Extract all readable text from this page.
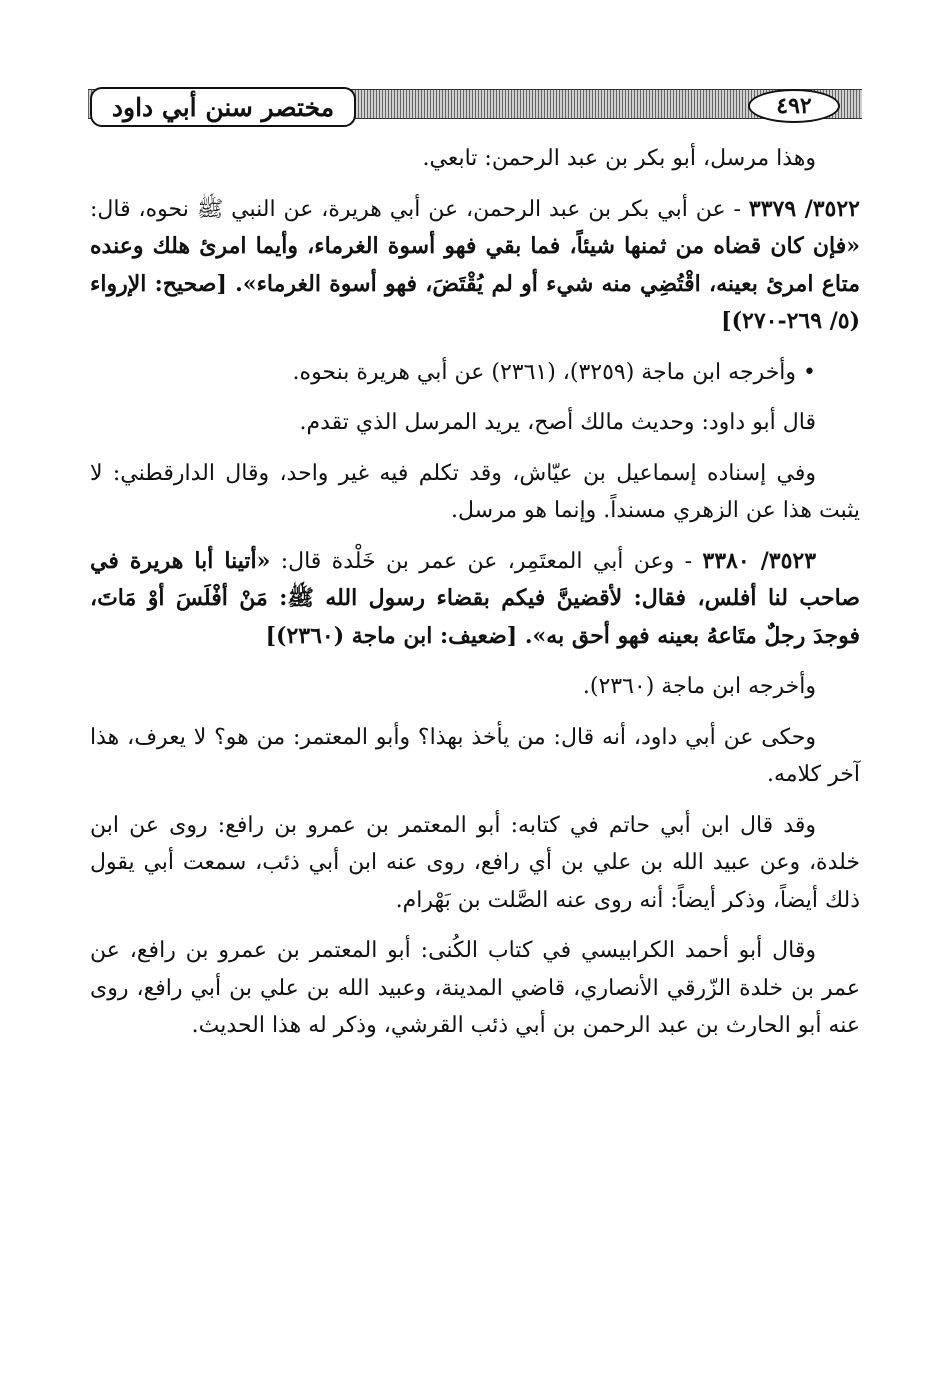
مختصر سنن أبي داود	٤٩٢

وهذا مرسل، أبو بكر بن عبد الرحمن: تابعي.

٣٥٢٢/ ٣٣٧٩ - عن أبي بكر بن عبد الرحمن، عن أبي هريرة، عن النبي ﷺ نحوه، قال: «فإن كان قضاه من ثمنها شيئاً، فما بقي فهو أسوة الغرماء، وأيما امرئ هلك وعنده متاع امرئ بعينه، اقْتُضِي منه شيء أو لم يُقْتَضَ، فهو أسوة الغرماء». [صحيح: الإرواء (٥/ ٢٦٩-٢٧٠)]

• وأخرجه ابن ماجة (٣٢٥٩)، (٢٣٦١) عن أبي هريرة بنحوه.

قال أبو داود: وحديث مالك أصح، يريد المرسل الذي تقدم.

وفي إسناده إسماعيل بن عيّاش، وقد تكلم فيه غير واحد، وقال الدارقطني: لا يثبت هذا عن الزهري مسنداً. وإنما هو مرسل.

٣٥٢٣/ ٣٣٨٠ - وعن أبي المعتَمِر، عن عمر بن خَلْدة قال: «أتينا أبا هريرة في صاحب لنا أفلس، فقال: لأقضينَّ فيكم بقضاء رسول الله ﷺ: مَنْ أفْلَسَ أوْ مَاتَ، فوجدَ رجلٌ متَاعهُ بعينه فهو أحق به». [ضعيف: ابن ماجة (٢٣٦٠)]

وأخرجه ابن ماجة (٢٣٦٠).

وحكى عن أبي داود، أنه قال: من يأخذ بهذا؟ وأبو المعتمر: من هو؟ لا يعرف، هذا آخر كلامه.

وقد قال ابن أبي حاتم في كتابه: أبو المعتمر بن عمرو بن رافع: روى عن ابن خلدة، وعن عبيد الله بن علي بن أي رافع، روى عنه ابن أبي ذئب، سمعت أبي يقول ذلك أيضاً، وذكر أيضاً: أنه روى عنه الصَّلت بن بَهْرام.

وقال أبو أحمد الكرابيسي في كتاب الكُنى: أبو المعتمر بن عمرو بن رافع، عن عمر بن خلدة الزّرقي الأنصاري، قاضي المدينة، وعبيد الله بن علي بن أبي رافع، روى عنه أبو الحارث بن عبد الرحمن بن أبي ذئب القرشي، وذكر له هذا الحديث.
